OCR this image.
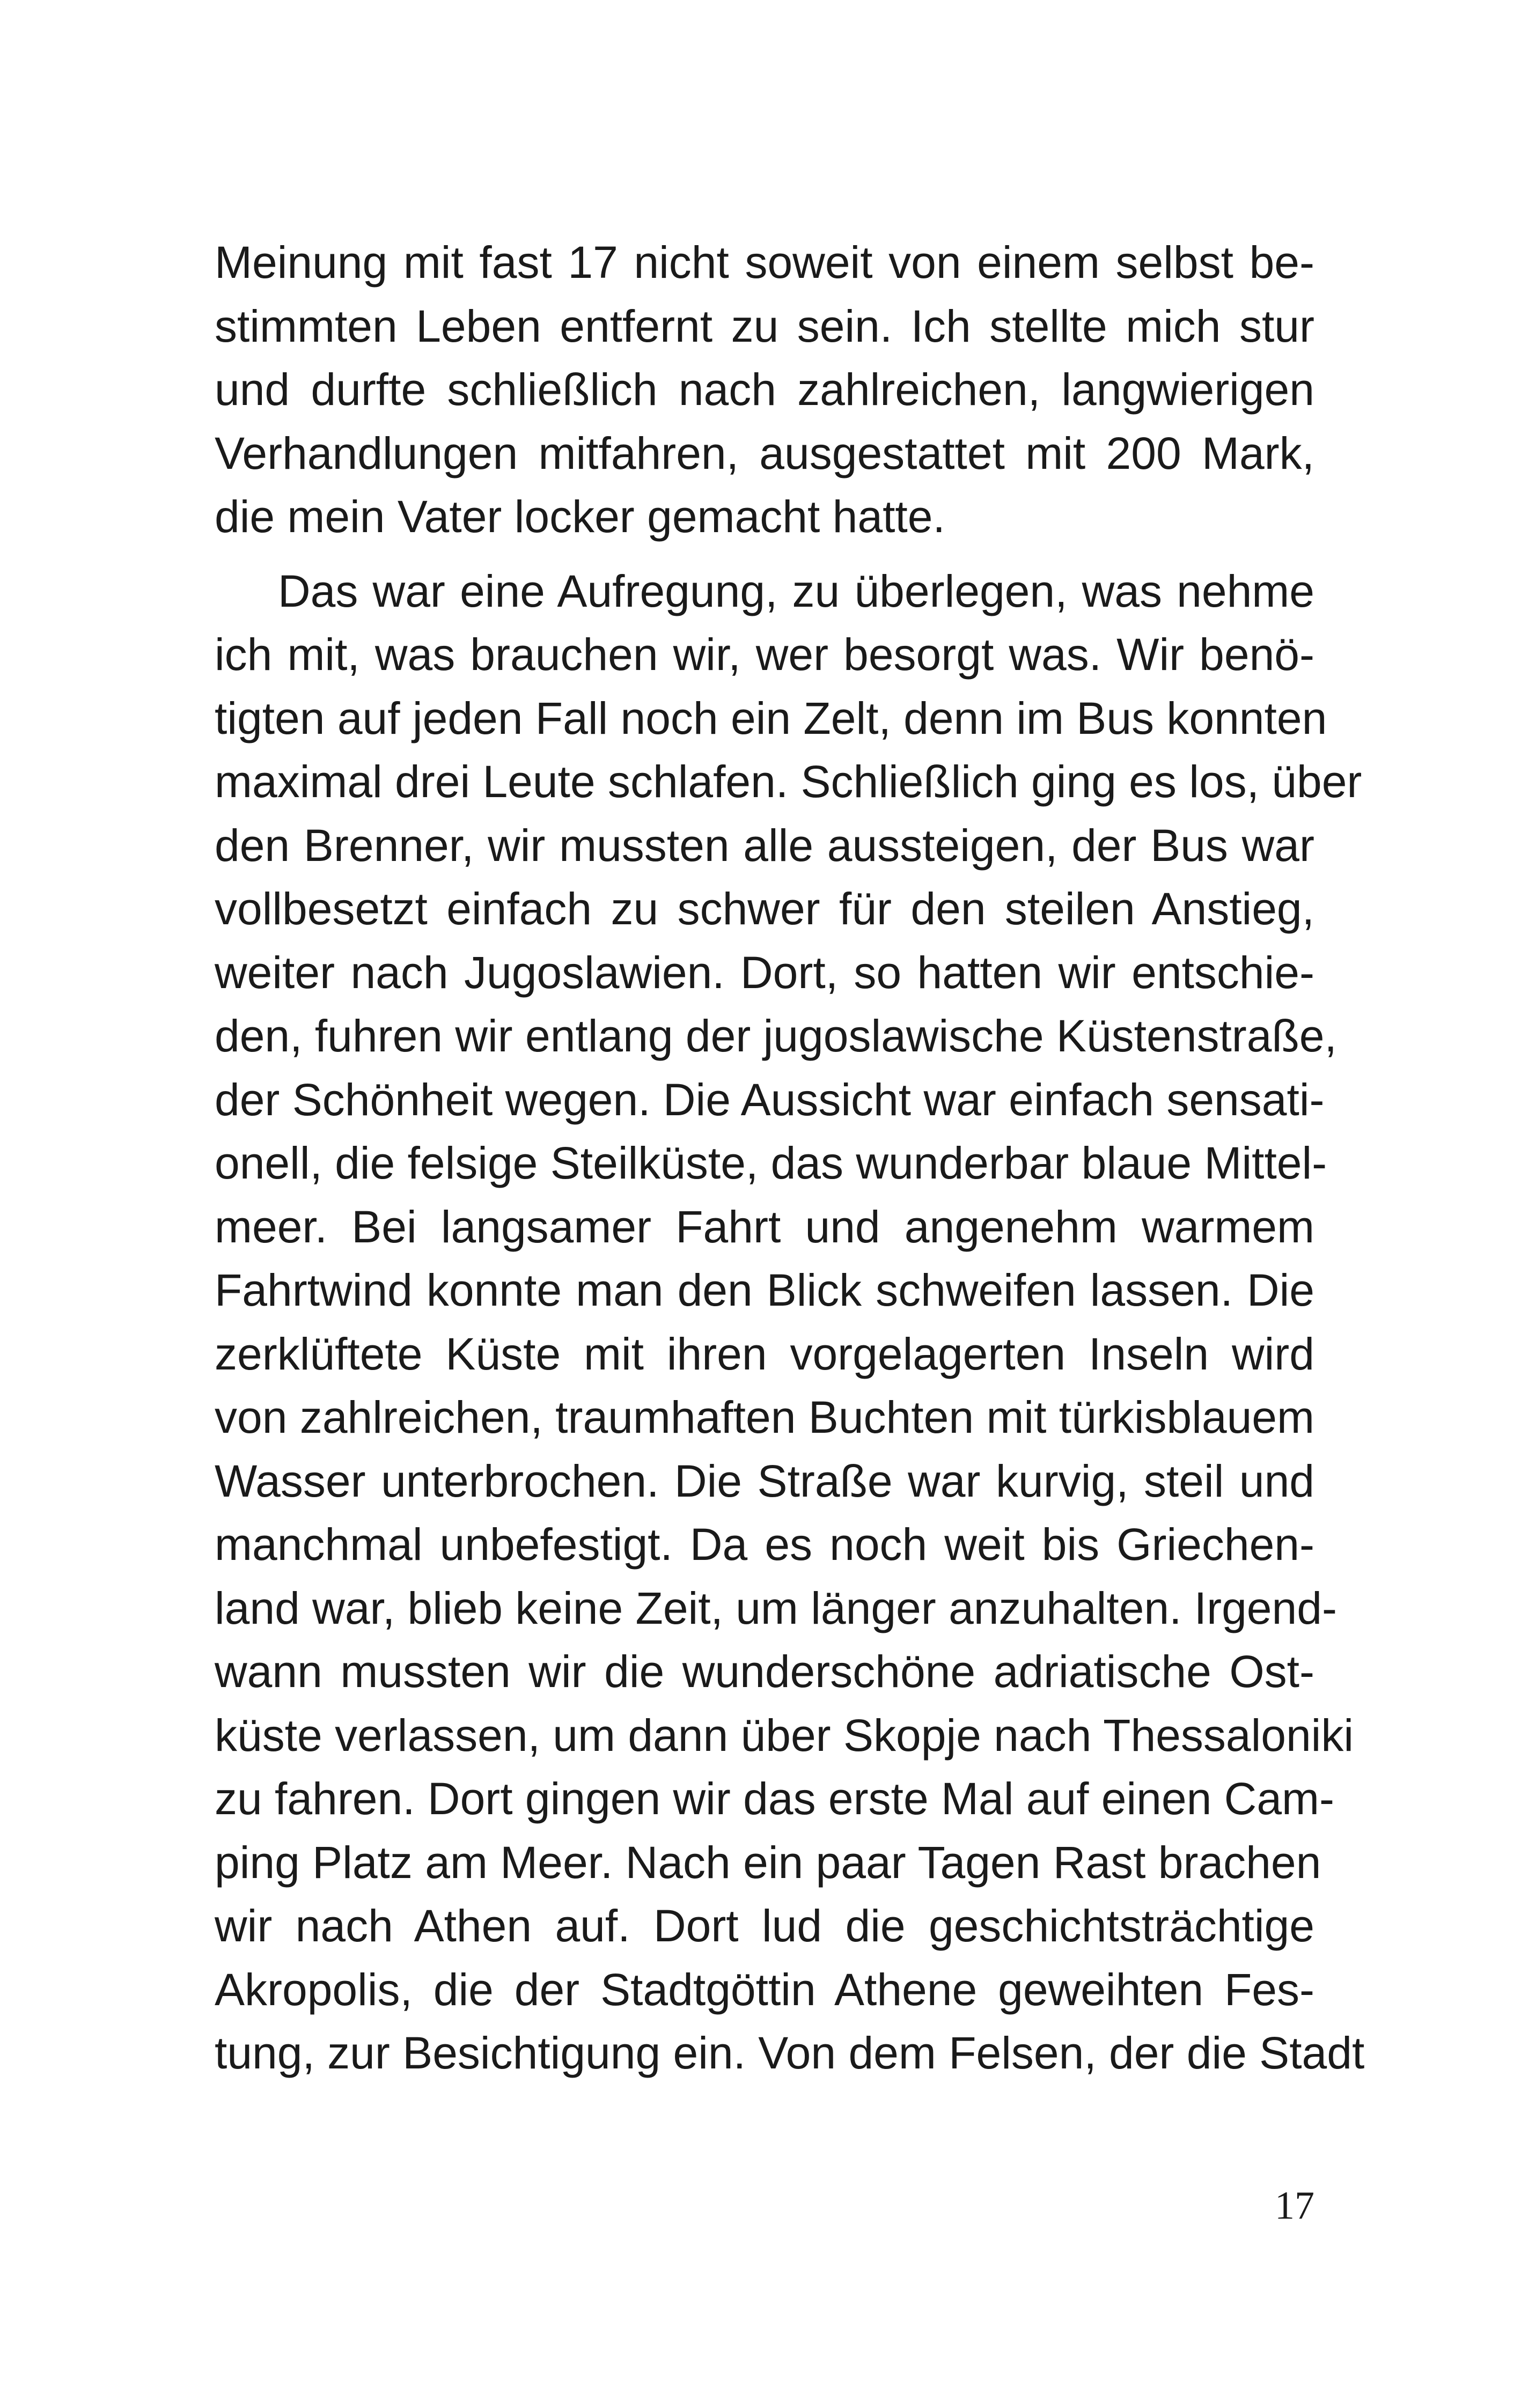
Meinung mit fast 17 nicht soweit von einem selbst be-
stimmten Leben entfernt zu sein. Ich stellte mich stur
und durfte schließlich nach zahlreichen, langwierigen
Verhandlungen mitfahren, ausgestattet mit 200 Mark,
die mein Vater locker gemacht hatte.
Das war eine Aufregung, zu überlegen, was nehme
ich mit, was brauchen wir, wer besorgt was. Wir benö-
tigten auf jeden Fall noch ein Zelt, denn im Bus konnten
maximal drei Leute schlafen. Schließlich ging es los, über
den Brenner, wir mussten alle aussteigen, der Bus war
vollbesetzt einfach zu schwer für den steilen Anstieg,
weiter nach Jugoslawien. Dort, so hatten wir entschie-
den, fuhren wir entlang der jugoslawische Küstenstraße,
der Schönheit wegen. Die Aussicht war einfach sensati-
onell, die felsige Steilküste, das wunderbar blaue Mittel-
meer. Bei langsamer Fahrt und angenehm warmem
Fahrtwind konnte man den Blick schweifen lassen. Die
zerklüftete Küste mit ihren vorgelagerten Inseln wird
von zahlreichen, traumhaften Buchten mit türkisblauem
Wasser unterbrochen. Die Straße war kurvig, steil und
manchmal unbefestigt. Da es noch weit bis Griechen-
land war, blieb keine Zeit, um länger anzuhalten. Irgend-
wann mussten wir die wunderschöne adriatische Ost-
küste verlassen, um dann über Skopje nach Thessaloniki
zu fahren. Dort gingen wir das erste Mal auf einen Cam-
ping Platz am Meer. Nach ein paar Tagen Rast brachen
wir nach Athen auf. Dort lud die geschichtsträchtige
Akropolis, die der Stadtgöttin Athene geweihten Fes-
tung, zur Besichtigung ein. Von dem Felsen, der die Stadt
17
